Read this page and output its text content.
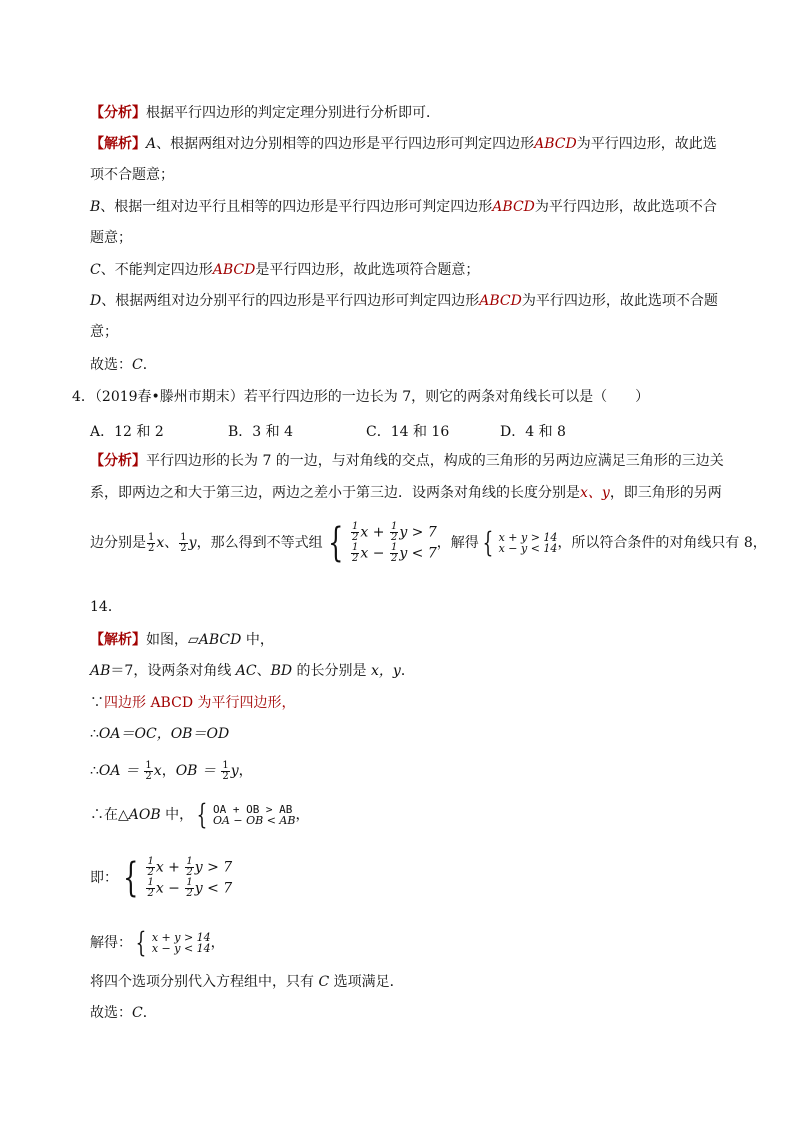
【分析】根据平行四边形的判定定理分别进行分析即可．
【解析】A、根据两组对边分别相等的四边形是平行四边形可判定四边形ABCD为平行四边形，故此选
项不合题意；
B、根据一组对边平行且相等的四边形是平行四边形可判定四边形ABCD为平行四边形，故此选项不合
题意；
C、不能判定四边形ABCD是平行四边形，故此选项符合题意；
D、根据两组对边分别平行的四边形是平行四边形可判定四边形ABCD为平行四边形，故此选项不合题
意；
故选：C．
4．（2019春•滕州市期末）若平行四边形的一边长为 7，则它的两条对角线长可以是（　　）
A．12 和 2	B．3 和 4	C．14 和 16	D．4 和 8
【分析】平行四边形的长为 7 的一边，与对角线的交点，构成的三角形的另两边应满足三角形的三边关
系，即两边之和大于第三边，两边之差小于第三边．设两条对角线的长度分别是x、y，即三角形的另两
边分别是 $\frac{1}{2}$ x、 $\frac{1}{2}$ y，那么得到不等式组 { $\frac{1}{2}$ $x + \frac{1}{2}$ y > 7
$\frac{1}{2}$ $x - \frac{1}{2}$ y < 7
，解得 { x + y > 14
x − y < 14 ，所以符合条件的对角线只有 8，
14．
【解析】如图，▱ABCD 中，
AB＝7，设两条对角线 AC、BD 的长分别是 x，y．
∵四边形 ABCD 为平行四边形，
∴OA＝OC，OB＝OD
∴OA ＝ $\frac{1}{2}$ x，OB ＝ $\frac{1}{2}$ y，
∴在△AOB 中， { OA + OB > AB
OA − OB < AB ，
即： { $\frac{1}{2}$ $x + \frac{1}{2}$ y > 7
$\frac{1}{2}$ $x - \frac{1}{2}$ y < 7
解得： { x + y > 14
x − y < 14 ，
将四个选项分别代入方程组中，只有 C 选项满足．
故选：C．
